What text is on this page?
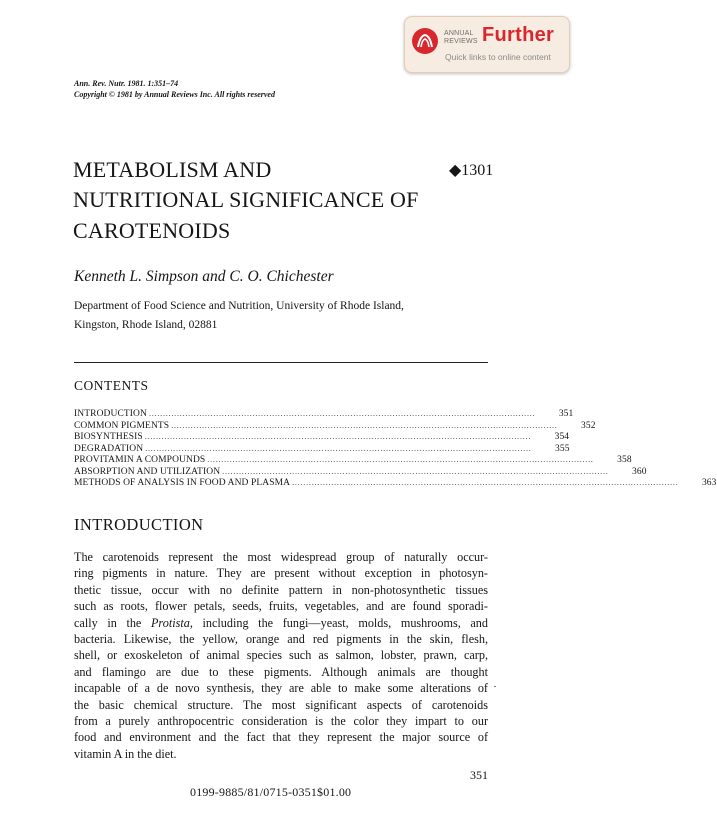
ANNUAL
REVIEWS Further
Quick links to online content
Ann. Rev. Nutr. 1981. 1:351–74
Copyright © 1981 by Annual Reviews Inc. All rights reserved
METABOLISM AND
NUTRITIONAL SIGNIFICANCE OF
CAROTENOIDS
◆1301
Kenneth L. Simpson and C. O. Chichester
Department of Food Science and Nutrition, University of Rhode Island,
Kingston, Rhode Island, 02881
CONTENTS
INTRODUCTION ..........................................................................................................................................	351
COMMON PIGMENTS ..........................................................................................................................................	352
BIOSYNTHESIS ..........................................................................................................................................	354
DEGRADATION ..........................................................................................................................................	355
PROVITAMIN A COMPOUNDS ..........................................................................................................................................	358
ABSORPTION AND UTILIZATION ..........................................................................................................................................	360
METHODS OF ANALYSIS IN FOOD AND PLASMA ..........................................................................................................................................	363
INTRODUCTION
The carotenoids represent the most widespread group of naturally occur-
ring pigments in nature. They are present without exception in photosyn-
thetic tissue, occur with no definite pattern in non-photosynthetic tissues
such as roots, flower petals, seeds, fruits, vegetables, and are found sporadi-
cally in the Protista, including the fungi—yeast, molds, mushrooms, and
bacteria. Likewise, the yellow, orange and red pigments in the skin, flesh,
shell, or exoskeleton of animal species such as salmon, lobster, prawn, carp,
and flamingo are due to these pigments. Although animals are thought
incapable of a de novo synthesis, they are able to make some alterations of
the basic chemical structure. The most significant aspects of carotenoids
from a purely anthropocentric consideration is the color they impart to our
food and environment and the fact that they represent the major source of
vitamin A in the diet.
351
0199-9885/81/0715-0351$01.00
